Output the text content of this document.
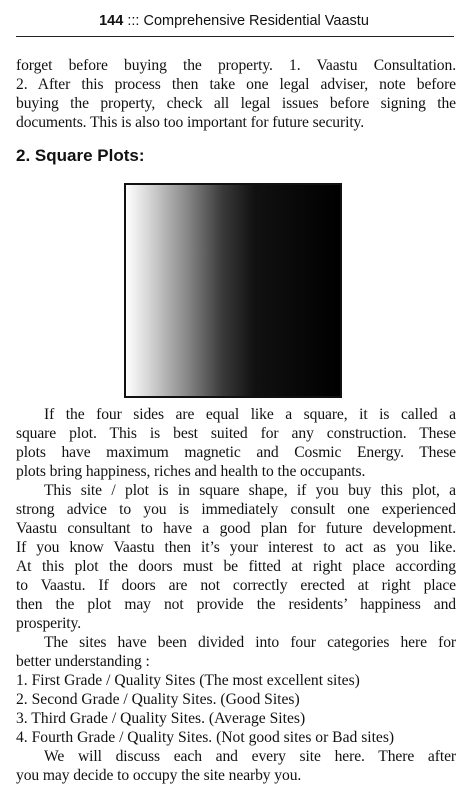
144 ::: Comprehensive Residential Vaastu
forget before buying the property. 1. Vaastu Consultation.
2. After this process then take one legal adviser, note before
buying the property, check all legal issues before signing the
documents. This is also too important for future security.
2. Square Plots:
If the four sides are equal like a square, it is called a
square plot. This is best suited for any construction. These
plots have maximum magnetic and Cosmic Energy. These
plots bring happiness, riches and health to the occupants.
This site / plot is in square shape, if you buy this plot, a
strong advice to you is immediately consult one experienced
Vaastu consultant to have a good plan for future development.
If you know Vaastu then it’s your interest to act as you like.
At this plot the doors must be fitted at right place according
to Vaastu. If doors are not correctly erected at right place
then the plot may not provide the residents’ happiness and
prosperity.
The sites have been divided into four categories here for
better understanding :
1. First Grade / Quality Sites (The most excellent sites)
2. Second Grade / Quality Sites. (Good Sites)
3. Third Grade / Quality Sites. (Average Sites)
4. Fourth Grade / Quality Sites. (Not good sites or Bad sites)
We will discuss each and every site here. There after
you may decide to occupy the site nearby you.
